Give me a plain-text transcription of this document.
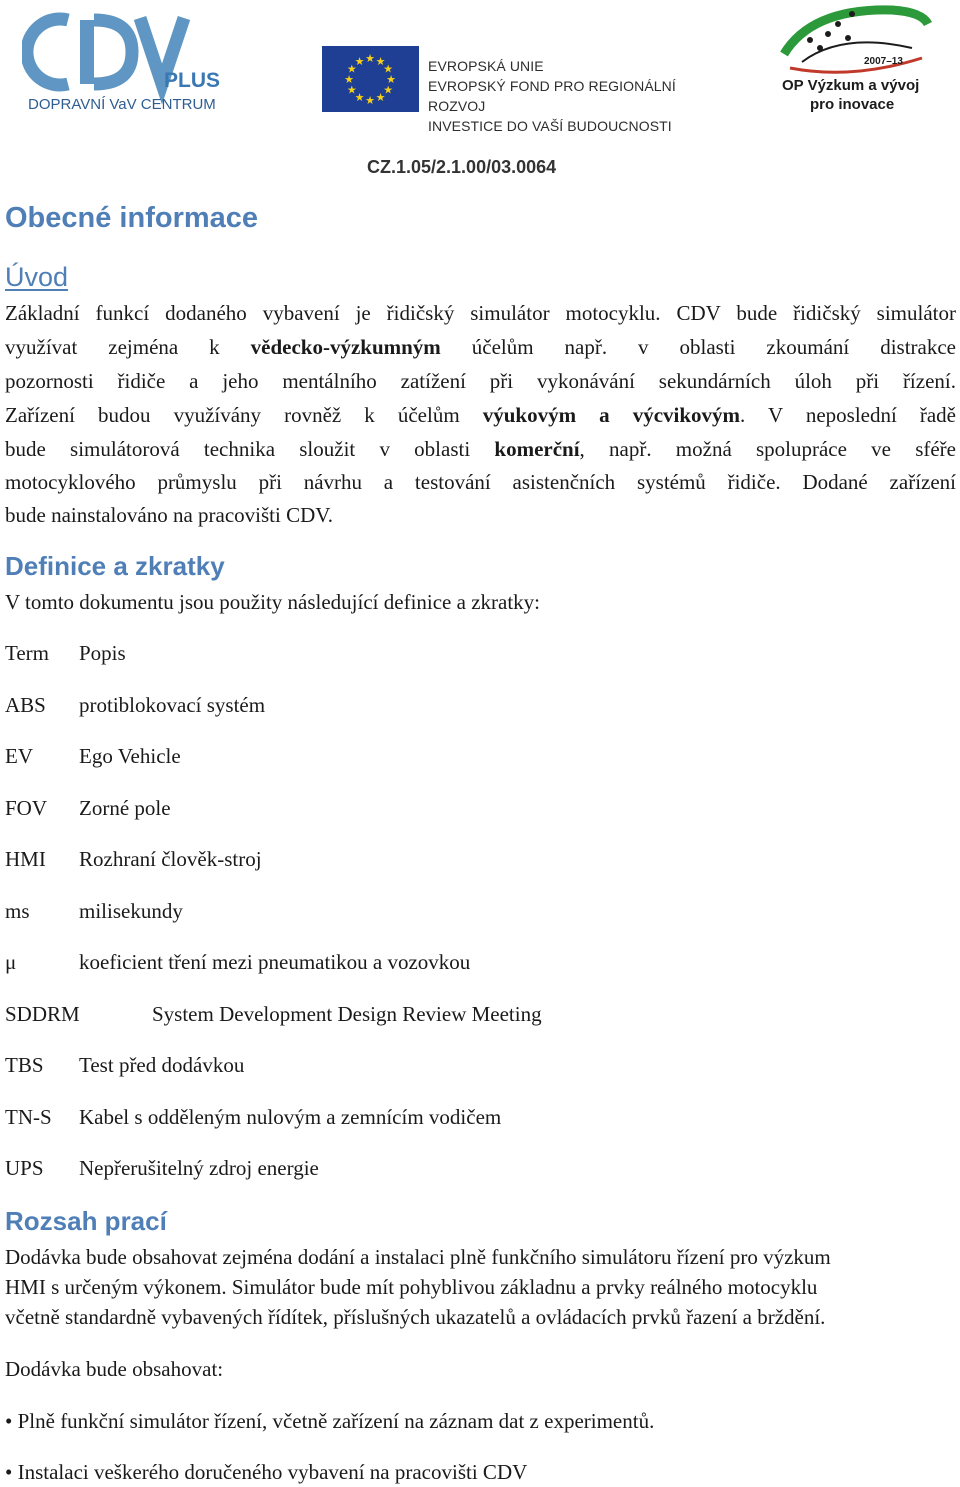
PLUS
DOPRAVNÍ VaV CENTRUM
★ ★
★
★
★
★
★
★
★
★
★
★	EVROPSKÁ UNIE
EVROPSKÝ FOND PRO REGIONÁLNÍ ROZVOJ
INVESTICE DO VAŠÍ BUDOUCNOSTI
2007–13
OP Výzkum a vývoj
pro inovace
CZ.1.05/2.1.00/03.0064
Obecné informace
Úvod
Základní funkcí dodaného vybavení je řidičský simulátor motocyklu. CDV bude řidičský simulátor
využívat zejména k vědecko-výzkumným účelům např. v oblasti zkoumání distrakce
pozornosti řidiče a jeho mentálního zatížení při vykonávání sekundárních úloh při řízení.
Zařízení budou využívány rovněž k účelům výukovým a výcvikovým. V neposlední řadě
bude simulátorová technika sloužit v oblasti komerční, např. možná spolupráce ve sféře
motocyklového průmyslu při návrhu a testování asistenčních systémů řidiče. Dodané zařízení
bude nainstalováno na pracovišti CDV.
Definice a zkratky
V tomto dokumentu jsou použity následující definice a zkratky:
Term Popis
ABS protiblokovací systém
EV Ego Vehicle
FOV Zorné pole
HMI Rozhraní člověk-stroj
ms milisekundy
μ	koeficient tření mezi pneumatikou a vozovkou
SDDRM	System Development Design Review Meeting
TBS Test před dodávkou
TN-S Kabel s odděleným nulovým a zemnícím vodičem
UPS Nepřerušitelný zdroj energie
Rozsah prací
Dodávka bude obsahovat zejména dodání a instalaci plně funkčního simulátoru řízení pro výzkum
HMI s určeným výkonem. Simulátor bude mít pohyblivou základnu a prvky reálného motocyklu
včetně standardně vybavených řídítek, příslušných ukazatelů a ovládacích prvků řazení a brždění.
Dodávka bude obsahovat:
• Plně funkční simulátor řízení, včetně zařízení na záznam dat z experimentů.
• Instalaci veškerého doručeného vybavení na pracovišti CDV
